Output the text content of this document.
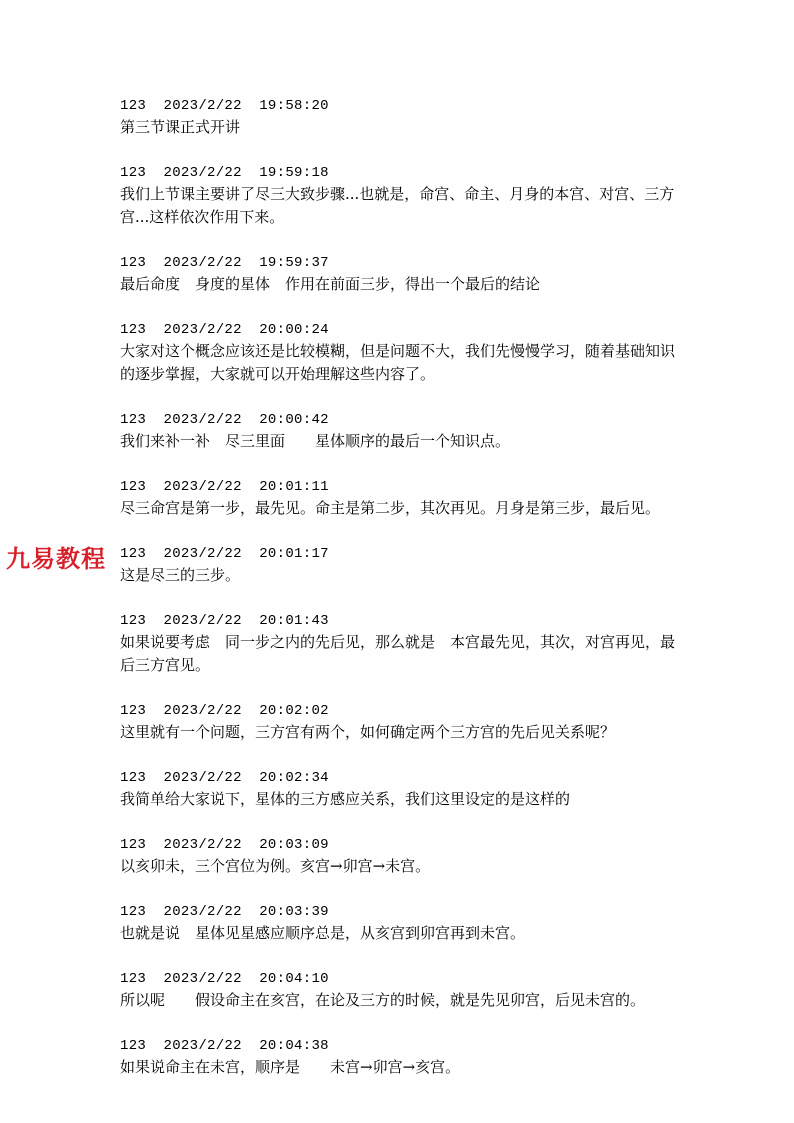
123 2023/2/22 19:58:20
第三节课正式开讲
123 2023/2/22 19:59:18
我们上节课主要讲了尽三大致步骤...也就是，命宫、命主、月身的本宫、对宫、三方宫...这样依次作用下来。
123 2023/2/22 19:59:37
最后命度　身度的星体　作用在前面三步，得出一个最后的结论
123 2023/2/22 20:00:24
大家对这个概念应该还是比较模糊，但是问题不大，我们先慢慢学习，随着基础知识的逐步掌握，大家就可以开始理解这些内容了。
123 2023/2/22 20:00:42
我们来补一补　尽三里面　　星体顺序的最后一个知识点。
123 2023/2/22 20:01:11
尽三命宫是第一步，最先见。命主是第二步，其次再见。月身是第三步，最后见。
123 2023/2/22 20:01:17
这是尽三的三步。
123 2023/2/22 20:01:43
如果说要考虑　同一步之内的先后见，那么就是　本宫最先见，其次，对宫再见，最后三方宫见。
123 2023/2/22 20:02:02
这里就有一个问题，三方宫有两个，如何确定两个三方宫的先后见关系呢？
123 2023/2/22 20:02:34
我简单给大家说下，星体的三方感应关系，我们这里设定的是这样的
123 2023/2/22 20:03:09
以亥卯未，三个宫位为例。亥宫→卯宫→未宫。
123 2023/2/22 20:03:39
也就是说　星体见星感应顺序总是，从亥宫到卯宫再到未宫。
123 2023/2/22 20:04:10
所以呢　　假设命主在亥宫，在论及三方的时候，就是先见卯宫，后见未宫的。
123 2023/2/22 20:04:38
如果说命主在未宫，顺序是　　未宫→卯宫→亥宫。
九易教程
